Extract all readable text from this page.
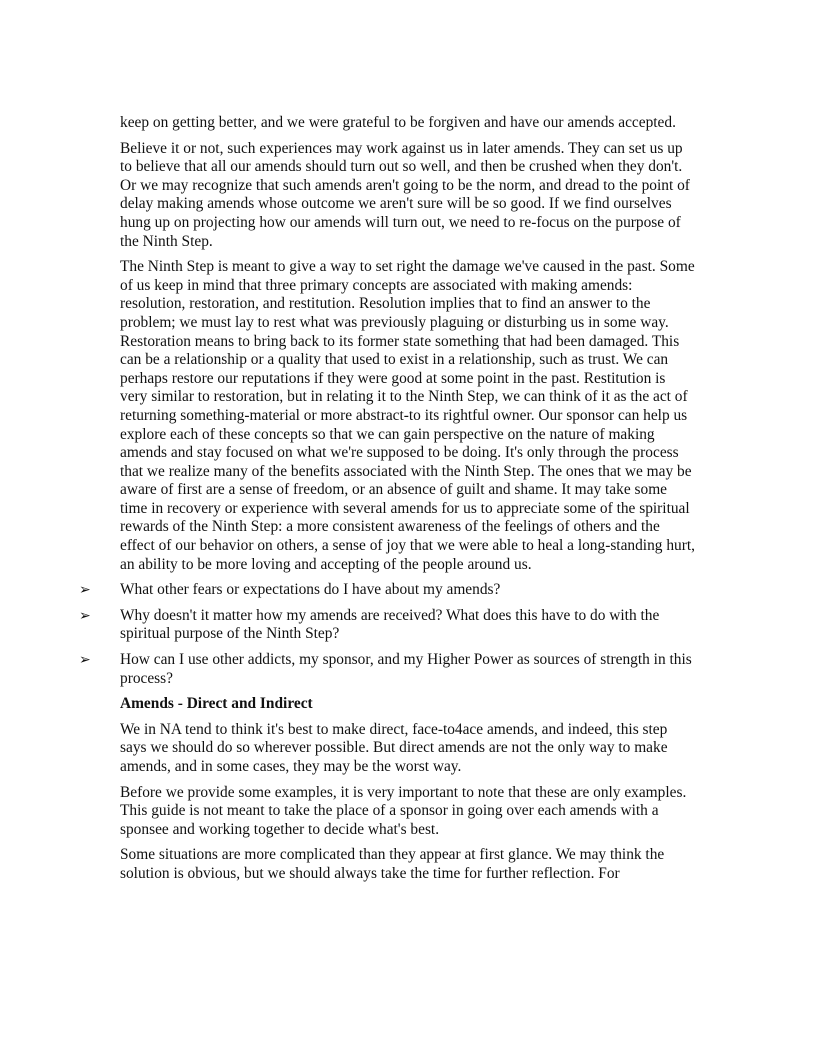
keep on getting better, and we were grateful to be forgiven and have our amends accepted.

Believe it or not, such experiences may work against us in later amends. They can set us up to believe that all our amends should turn out so well, and then be crushed when they don't. Or we may recognize that such amends aren't going to be the norm, and dread to the point of delay making amends whose outcome we aren't sure will be so good. If we find ourselves hung up on projecting how our amends will turn out, we need to re-focus on the purpose of the Ninth Step.

The Ninth Step is meant to give a way to set right the damage we've caused in the past. Some of us keep in mind that three primary concepts are associated with making amends: resolution, restoration, and restitution. Resolution implies that to find an answer to the problem; we must lay to rest what was previously plaguing or disturbing us in some way. Restoration means to bring back to its former state something that had been damaged. This can be a relationship or a quality that used to exist in a relationship, such as trust. We can perhaps restore our reputations if they were good at some point in the past. Restitution is very similar to restoration, but in relating it to the Ninth Step, we can think of it as the act of returning something-material or more abstract-to its rightful owner. Our sponsor can help us explore each of these concepts so that we can gain perspective on the nature of making amends and stay focused on what we're supposed to be doing. It's only through the process that we realize many of the benefits associated with the Ninth Step. The ones that we may be aware of first are a sense of freedom, or an absence of guilt and shame. It may take some time in recovery or experience with several amends for us to appreciate some of the spiritual rewards of the Ninth Step: a more consistent awareness of the feelings of others and the effect of our behavior on others, a sense of joy that we were able to heal a long-standing hurt, an ability to be more loving and accepting of the people around us.

➢ What other fears or expectations do I have about my amends?
➢ Why doesn't it matter how my amends are received? What does this have to do with the spiritual purpose of the Ninth Step?
➢ How can I use other addicts, my sponsor, and my Higher Power as sources of strength in this process?

Amends - Direct and Indirect

We in NA tend to think it's best to make direct, face-to4ace amends, and indeed, this step says we should do so wherever possible. But direct amends are not the only way to make amends, and in some cases, they may be the worst way.

Before we provide some examples, it is very important to note that these are only examples. This guide is not meant to take the place of a sponsor in going over each amends with a sponsee and working together to decide what's best.

Some situations are more complicated than they appear at first glance. We may think the solution is obvious, but we should always take the time for further reflection. For
